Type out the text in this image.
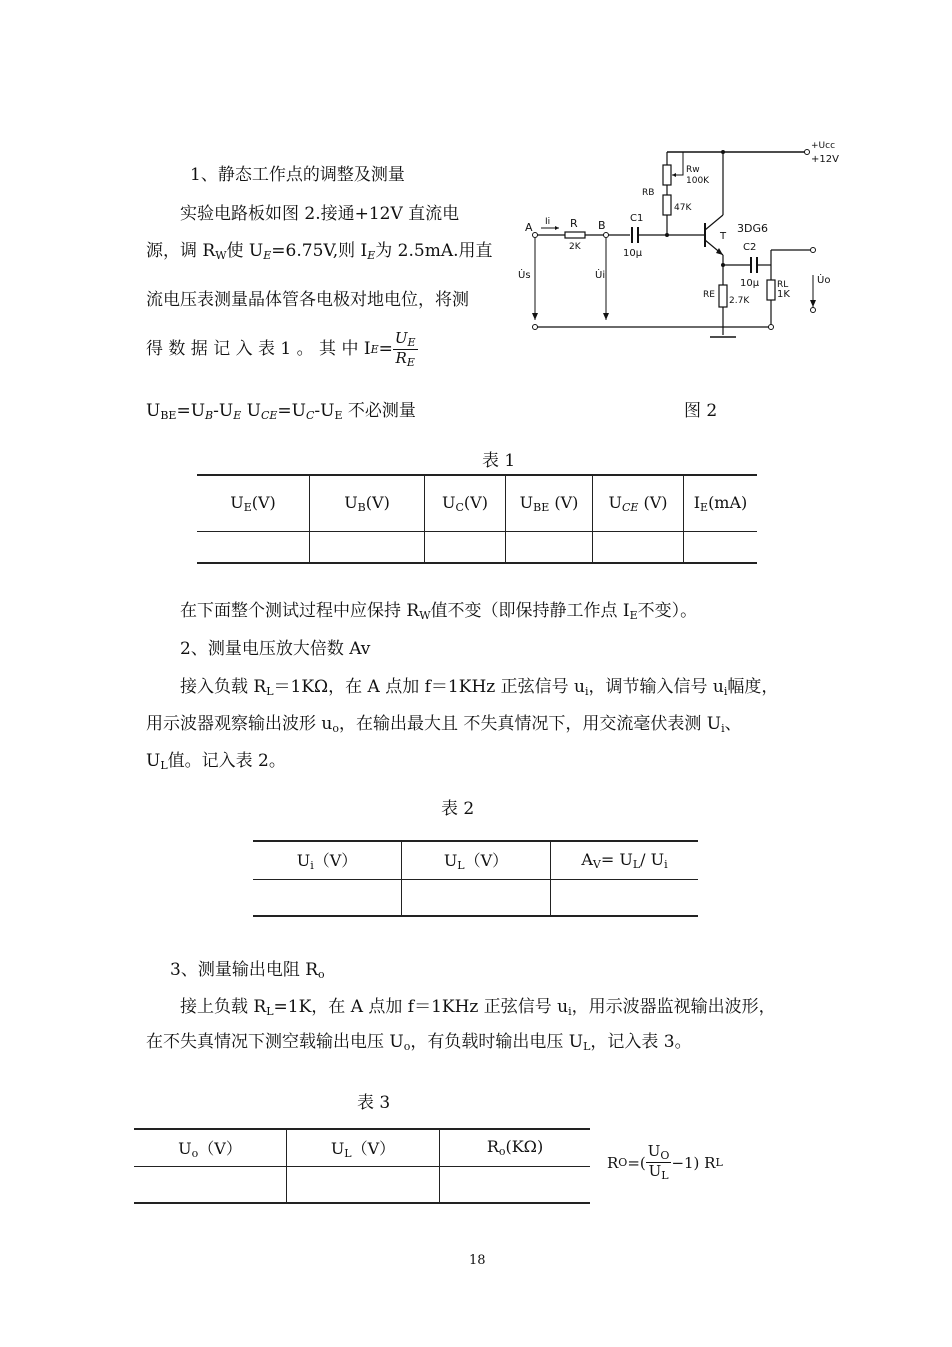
1、静态工作点的调整及测量
实验电路板如图 2.接通+12V 直流电
源，调 $R_W$使 $U_E=6.75V$,则 $I_E$为 2.5mA.用直
流电压表测量晶体管各电极对地电位，将测
得 数 据 记 入 表 1 。 其 中 I $E = \frac{U_E}{R_E}$
$U_{BE}=U_B-U_E$ $U_{CE}=U_C-U_E$ 不必测量	图 2
+Ucc
+12V
Rw
100K
RB
47K
A Ii R
2K
B
C1
10μ
T
3DG6
RE
2.7K
C2
10μ RL
1K
U̇o
U̇s	U̇i
表 1
$U_E(V)$	$U_B(V)$	$U_C(V)$	$U_{BE}$ (V)	$U_{CE}$ (V)	$I_E(mA)$

在下面整个测试过程中应保持 $R_W$值不变（即保持静工作点 $I_E$不变）。
2、测量电压放大倍数 Av
接入负载 $R_L=1K\Omega$，在 A 点加 f＝1KHz 正弦信号 $u_i$，调节输入信号 $u_i$幅度，
用示波器观察输出波形 $u_o$，在输出最大且 不失真情况下，用交流毫伏表测 $U_i$、
$U_L$值。记入表 2。
表 2
$U_i(V)$	$U_L(V)$	$A_V= U_L/$ $U_i$

3、测量输出电阻 $R_o$
接上负载 $R_L=1K$，在 A 点加 f＝1KHz 正弦信号 $u_i$，用示波器监视输出波形，
在不失真情况下测空载输出电压 $U_o$，有负载时输出电压 $U_L$，记入表 3。
表 3
$U_o(V)$	$U_L(V)$	$R_o(K\Omega)$

R O =( $\frac{U_O}{U_L} -1$) R L
18
